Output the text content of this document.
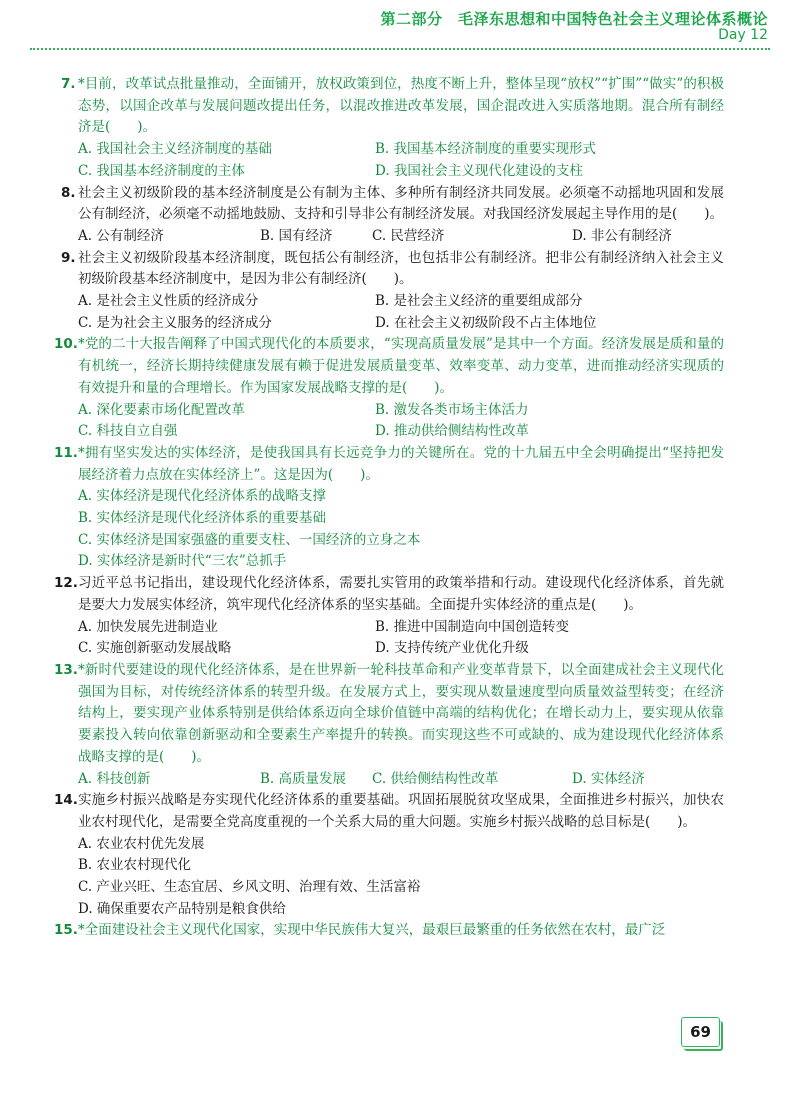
第二部分　毛泽东思想和中国特色社会主义理论体系概论
Day 12
7. *目前，改革试点批量推动，全面铺开，放权政策到位，热度不断上升，整体呈现“放权”“扩围”“做实”的积极态势，以国企改革与发展问题改提出任务，以混改推进改革发展，国企混改进入实质落地期。混合所有制经济是(　　)。

A. 我国社会主义经济制度的基础	B. 我国基本经济制度的重要实现形式
C. 我国基本经济制度的主体	D. 我国社会主义现代化建设的支柱
8. 社会主义初级阶段的基本经济制度是公有制为主体、多种所有制经济共同发展。必须毫不动摇地巩固和发展公有制经济，必须毫不动摇地鼓励、支持和引导非公有制经济发展。对我国经济发展起主导作用的是(　　)。

A. 公有制经济	B. 国有经济	C. 民营经济	D. 非公有制经济
9. 社会主义初级阶段基本经济制度，既包括公有制经济，也包括非公有制经济。把非公有制经济纳入社会主义初级阶段基本经济制度中，是因为非公有制经济(　　)。

A. 是社会主义性质的经济成分	B. 是社会主义经济的重要组成部分
C. 是为社会主义服务的经济成分	D. 在社会主义初级阶段不占主体地位
10. *党的二十大报告阐释了中国式现代化的本质要求，“实现高质量发展”是其中一个方面。经济发展是质和量的有机统一，经济长期持续健康发展有赖于促进发展质量变革、效率变革、动力变革，进而推动经济实现质的有效提升和量的合理增长。作为国家发展战略支撑的是(　　)。

A. 深化要素市场化配置改革	B. 激发各类市场主体活力
C. 科技自立自强	D. 推动供给侧结构性改革
11. *拥有坚实发达的实体经济，是使我国具有长远竞争力的关键所在。党的十九届五中全会明确提出“坚持把发展经济着力点放在实体经济上”。这是因为(　　)。

A. 实体经济是现代化经济体系的战略支撑
B. 实体经济是现代化经济体系的重要基础
C. 实体经济是国家强盛的重要支柱、一国经济的立身之本
D. 实体经济是新时代“三农”总抓手
12. 习近平总书记指出，建设现代化经济体系，需要扎实管用的政策举措和行动。建设现代化经济体系，首先就是要大力发展实体经济，筑牢现代化经济体系的坚实基础。全面提升实体经济的重点是(　　)。

A. 加快发展先进制造业	B. 推进中国制造向中国创造转变
C. 实施创新驱动发展战略	D. 支持传统产业优化升级
13. *新时代要建设的现代化经济体系，是在世界新一轮科技革命和产业变革背景下，以全面建成社会主义现代化强国为目标，对传统经济体系的转型升级。在发展方式上，要实现从数量速度型向质量效益型转变；在经济结构上，要实现产业体系特别是供给体系迈向全球价值链中高端的结构优化；在增长动力上，要实现从依靠要素投入转向依靠创新驱动和全要素生产率提升的转换。而实现这些不可或缺的、成为建设现代化经济体系战略支撑的是(　　)。

A. 科技创新	B. 高质量发展	C. 供给侧结构性改革	D. 实体经济
14. 实施乡村振兴战略是夯实现代化经济体系的重要基础。巩固拓展脱贫攻坚成果，全面推进乡村振兴，加快农业农村现代化，是需要全党高度重视的一个关系大局的重大问题。实施乡村振兴战略的总目标是(　　)。

A. 农业农村优先发展
B. 农业农村现代化
C. 产业兴旺、生态宜居、乡风文明、治理有效、生活富裕
D. 确保重要农产品特别是粮食供给
15. *全面建设社会主义现代化国家，实现中华民族伟大复兴，最艰巨最繁重的任务依然在农村，最广泛

69
